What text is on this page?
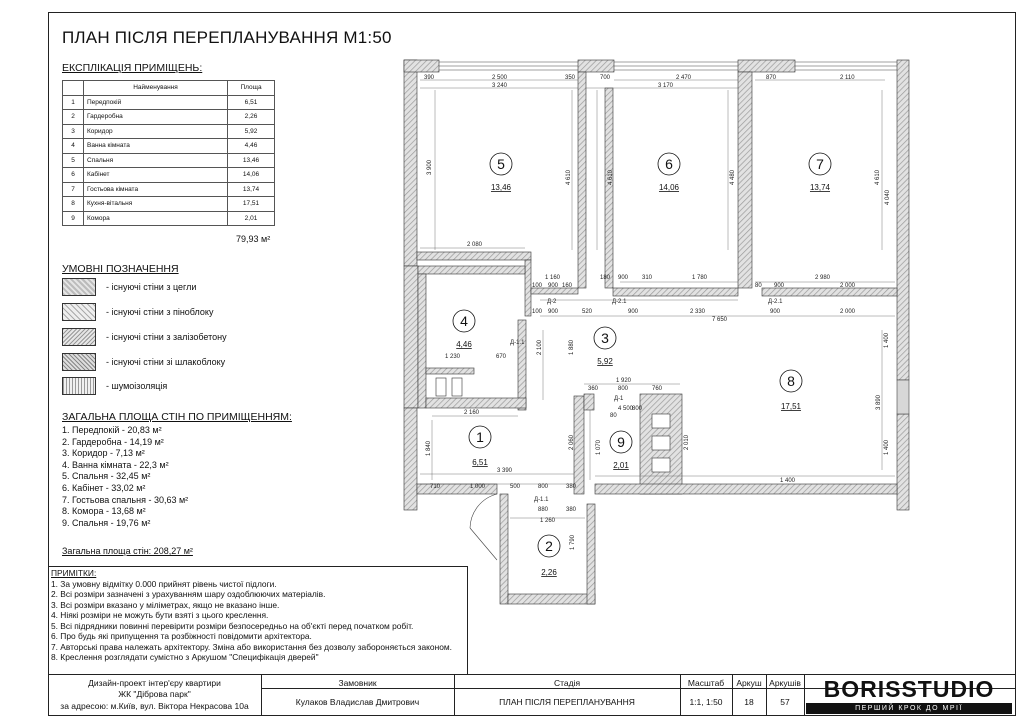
ПЛАН ПІСЛЯ ПЕРЕПЛАНУВАННЯ М1:50
ЕКСПЛІКАЦІЯ ПРИМІЩЕНЬ:
	Найменування	Площа
1	Передпокій	6,51
2	Гардеробна	2,26
3	Коридор	5,92
4	Ванна кімната	4,46
5	Спальня	13,46
6	Кабінет	14,06
7	Гостьова кімната	13,74
8	Кухня-вітальня	17,51
9	Комора	2,01
79,93 м²
УМОВНІ ПОЗНАЧЕННЯ
- існуючі стіни з цегли
- існуючі стіни з піноблоку
- існуючі стіни з залізобетону
- існуючі стіни зі шлакоблоку
- шумоізоляція
ЗАГАЛЬНА ПЛОЩА СТІН ПО ПРИМІЩЕННЯМ:
1. Передпокій - 20,83 м²
2. Гардеробна - 14,19 м²
3. Коридор - 7,13 м²
4. Ванна кімната - 22,3 м²
5. Спальня - 32,45 м²
6. Кабінет - 33,02 м²
7. Гостьова спальня - 30,63 м²
8. Комора - 13,68 м²
9. Спальня - 19,76 м²
Загальна площа стін: 208,27 м²
390	2 500	350	700	2 470	870	2 110
3 240	3 170
2 080
1 160	180 900 310	1 780
80
2 980
100 900 160	900	2 000
100 900	520	900	2 330	900	2 000
7 650
1 230	670
1 920
360	800	760
2 160
3 390
710	1 000	500	800	380
880	380
1 260
1 400
4 500
800
80
3 900
4 610	4 610	4 480	4 610
4 040
2 100	1 880	1 400
1 840
1 790
2 060	2 010
3 890
1 400
1 070
Д-2	Д-2.1	Д-2.1
Д-1.1
Д-1
Д-1.1
5
13,46
6
14,06
7
13,74
4
4,46	3
5,92
8
17,51
1
6,51
9
2,01
2
2,26
ПРИМІТКИ:
1. За умовну відмітку 0.000 прийнят рівень чистої підлоги.
2. Всі розміри зазначені з урахуванням шару оздоблюючих матеріалів.
3. Всі розміри вказано у міліметрах, якщо не вказано інше.
4. Ніякі розміри не можуть бути взяті з цього креслення.
5. Всі підрядники повинні перевірити розміри безпосередньо на об'єкті перед початком робіт.
6. Про будь які припущення та розбіжності повідомити архітектора.
7. Авторські права належать архітектору. Зміна або використання без дозволу забороняється законом.
8. Креслення розглядати сумістно з Аркушом "Специфікація дверей"
Дизайн-проект інтер'єру квартири
ЖК "Діброва парк"
за адресою: м.Київ, вул. Віктора Некрасова 10а
Замовник
Кулаков Владислав Дмитрович
Стадія
ПЛАН ПІСЛЯ ПЕРЕПЛАНУВАННЯ
Масштаб
1:1, 1:50
Аркуш
18
Аркушів
57	BORISSTUDIO
ПЕРШИЙ КРОК ДО МРІЇ
